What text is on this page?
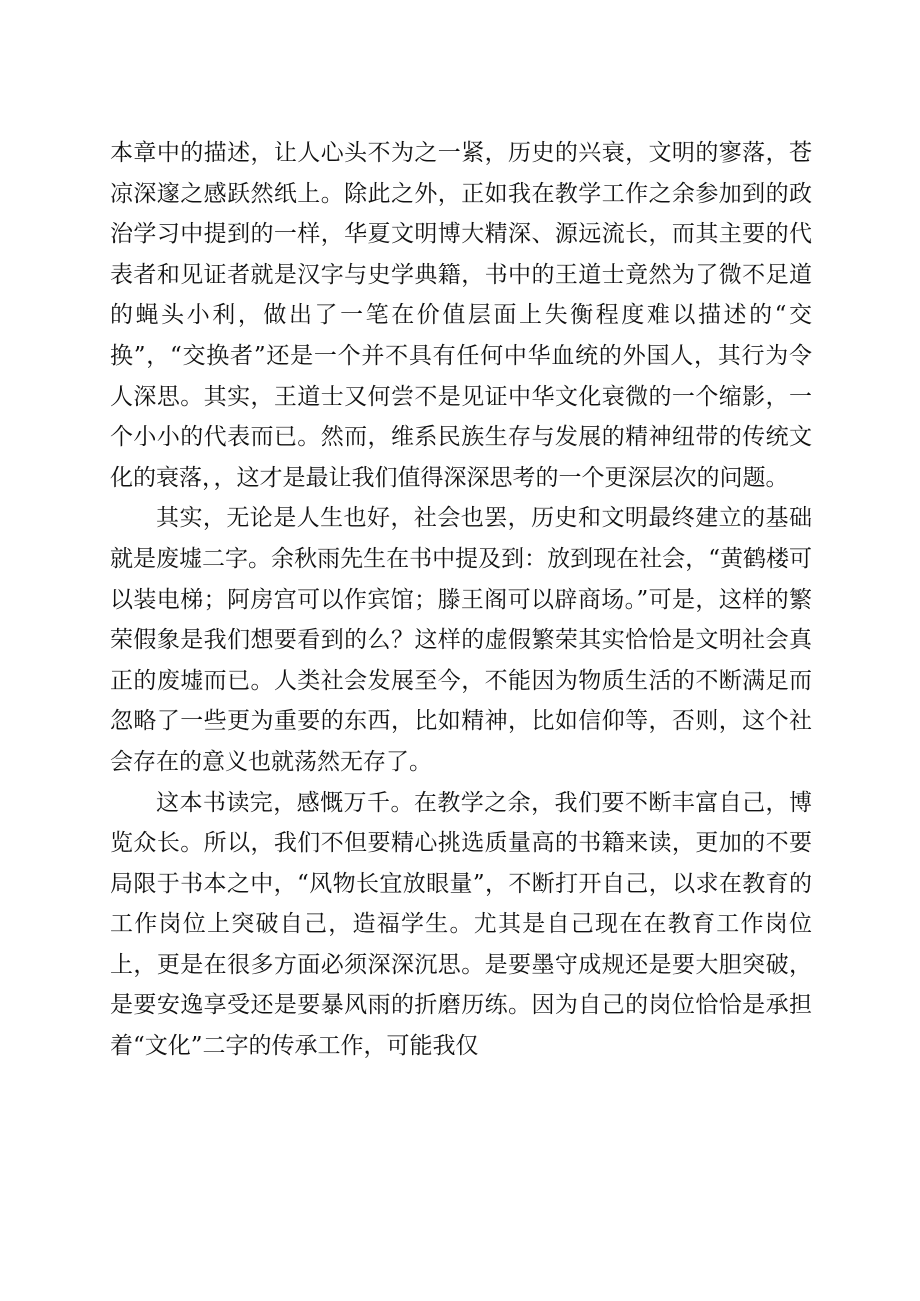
本章中的描述，让人心头不为之一紧，历史的兴衰，文明的寥落，苍凉深邃之感跃然纸上。除此之外，正如我在教学工作之余参加到的政治学习中提到的一样，华夏文明博大精深、源远流长，而其主要的代表者和见证者就是汉字与史学典籍，书中的王道士竟然为了微不足道的蝇头小利，做出了一笔在价值层面上失衡程度难以描述的“交换”，“交换者”还是一个并不具有任何中华血统的外国人，其行为令人深思。其实，王道士又何尝不是见证中华文化衰微的一个缩影，一个小小的代表而已。然而，维系民族生存与发展的精神纽带的传统文化的衰落，，这才是最让我们值得深深思考的一个更深层次的问题。

其实，无论是人生也好，社会也罢，历史和文明最终建立的基础就是废墟二字。余秋雨先生在书中提及到：放到现在社会，“黄鹤楼可以装电梯；阿房宫可以作宾馆；滕王阁可以辟商场。”可是，这样的繁荣假象是我们想要看到的么？这样的虚假繁荣其实恰恰是文明社会真正的废墟而已。人类社会发展至今，不能因为物质生活的不断满足而忽略了一些更为重要的东西，比如精神，比如信仰等，否则，这个社会存在的意义也就荡然无存了。

这本书读完，感慨万千。在教学之余，我们要不断丰富自己，博览众长。所以，我们不但要精心挑选质量高的书籍来读，更加的不要局限于书本之中，“风物长宜放眼量”，不断打开自己，以求在教育的工作岗位上突破自己，造福学生。尤其是自己现在在教育工作岗位上，更是在很多方面必须深深沉思。是要墨守成规还是要大胆突破，是要安逸享受还是要暴风雨的折磨历练。因为自己的岗位恰恰是承担着“文化”二字的传承工作，可能我仅
